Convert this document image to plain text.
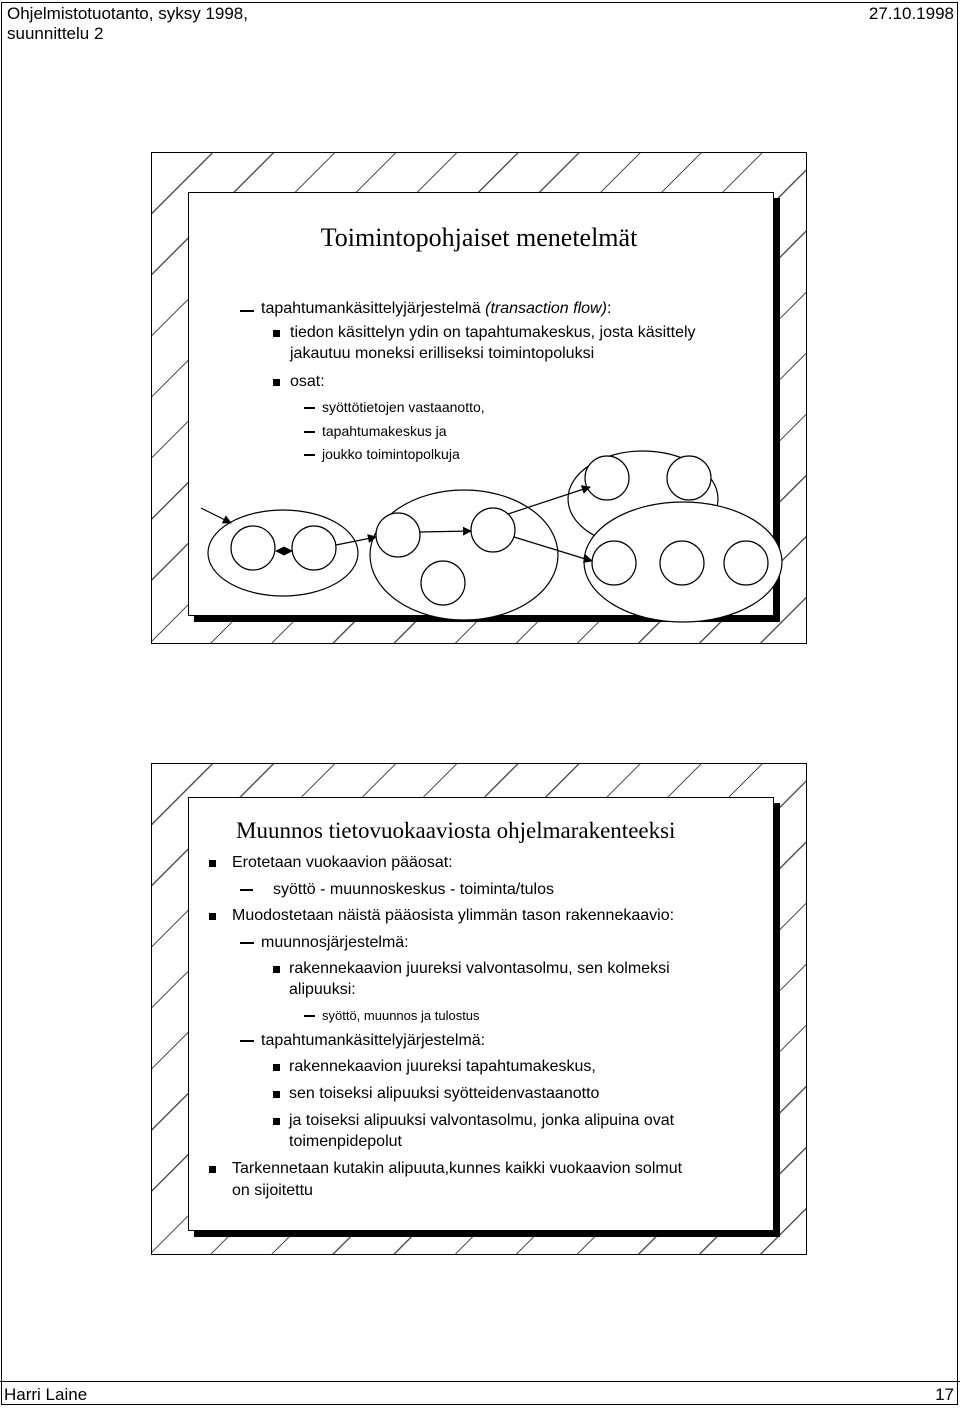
Ohjelmistotuotanto, syksy 1998,
suunnittelu 2
27.10.1998
Toimintopohjaiset menetelmät
tapahtumankäsittelyjärjestelmä (transaction flow):
tiedon käsittelyn ydin on tapahtumakeskus, josta käsittely
jakautuu moneksi erilliseksi toimintopoluksi
osat:
syöttötietojen vastaanotto,
tapahtumakeskus ja
joukko toimintopolkuja
Muunnos tietovuokaaviosta ohjelmarakenteeksi
Erotetaan vuokaavion pääosat:
syöttö - muunnoskeskus - toiminta/tulos
Muodostetaan näistä pääosista ylimmän tason rakennekaavio:
muunnosjärjestelmä:
rakennekaavion juureksi valvontasolmu, sen kolmeksi
alipuuksi:
syöttö, muunnos ja tulostus
tapahtumankäsittelyjärjestelmä:
rakennekaavion juureksi tapahtumakeskus,
sen toiseksi alipuuksi syötteidenvastaanotto
ja toiseksi alipuuksi valvontasolmu, jonka alipuina ovat
toimenpidepolut
Tarkennetaan kutakin alipuuta,kunnes kaikki vuokaavion solmut
on sijoitettu
Harri Laine	17
